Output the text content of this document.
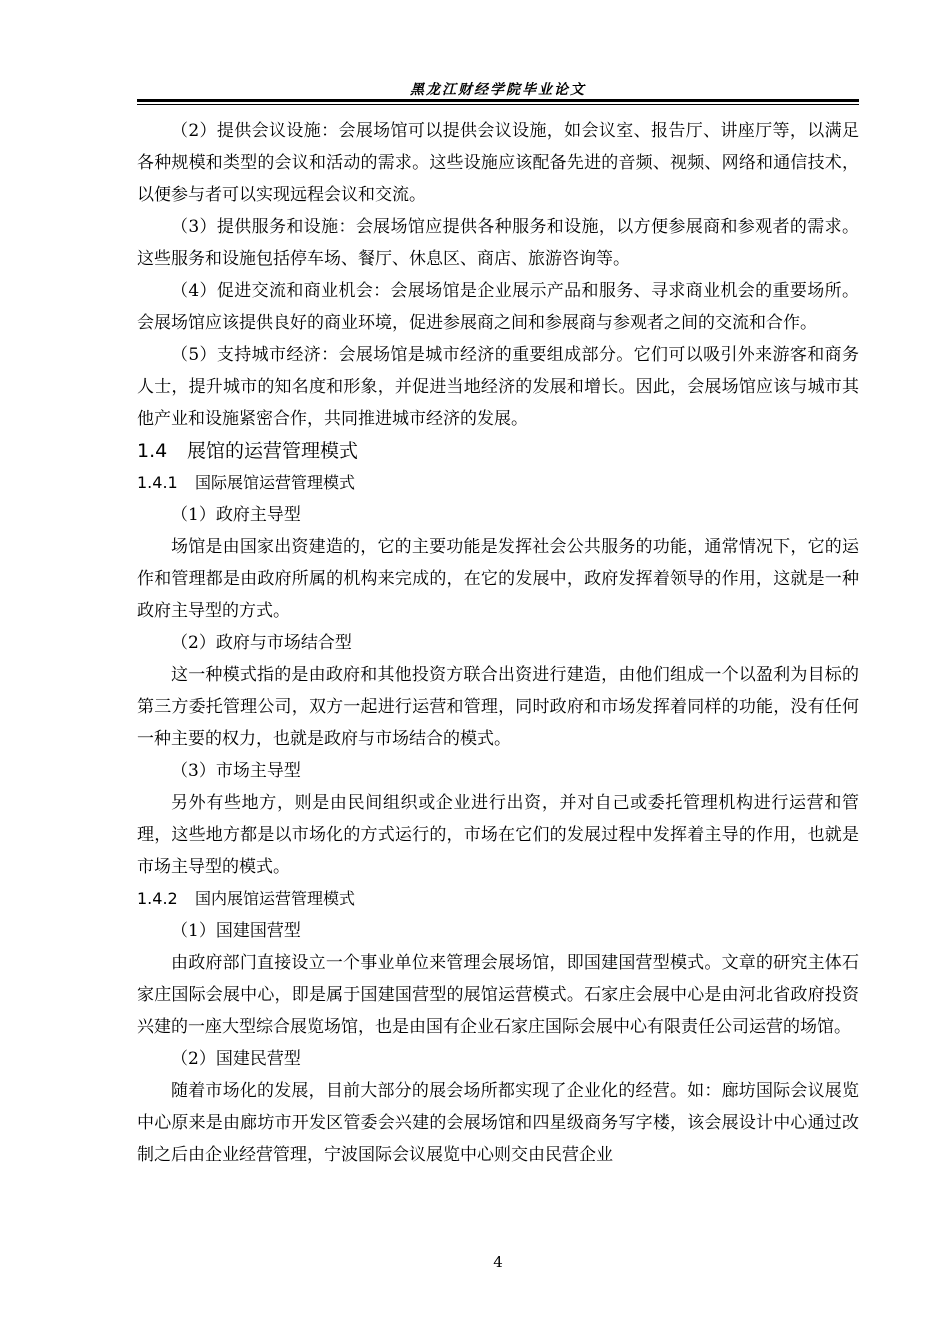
黑龙江财经学院毕业论文

（2）提供会议设施：会展场馆可以提供会议设施，如会议室、报告厅、讲座厅等，以满足各种规模和类型的会议和活动的需求。这些设施应该配备先进的音频、视频、网络和通信技术，以便参与者可以实现远程会议和交流。

（3）提供服务和设施：会展场馆应提供各种服务和设施，以方便参展商和参观者的需求。这些服务和设施包括停车场、餐厅、休息区、商店、旅游咨询等。

（4）促进交流和商业机会：会展场馆是企业展示产品和服务、寻求商业机会的重要场所。会展场馆应该提供良好的商业环境，促进参展商之间和参展商与参观者之间的交流和合作。

（5）支持城市经济：会展场馆是城市经济的重要组成部分。它们可以吸引外来游客和商务人士，提升城市的知名度和形象，并促进当地经济的发展和增长。因此，会展场馆应该与城市其他产业和设施紧密合作，共同推进城市经济的发展。

1.4 展馆的运营管理模式
1.4.1 国际展馆运营管理模式

（1）政府主导型

场馆是由国家出资建造的，它的主要功能是发挥社会公共服务的功能，通常情况下，它的运作和管理都是由政府所属的机构来完成的，在它的发展中，政府发挥着领导的作用，这就是一种政府主导型的方式。

（2）政府与市场结合型

这一种模式指的是由政府和其他投资方联合出资进行建造，由他们组成一个以盈利为目标的第三方委托管理公司，双方一起进行运营和管理，同时政府和市场发挥着同样的功能，没有任何一种主要的权力，也就是政府与市场结合的模式。

（3）市场主导型

另外有些地方，则是由民间组织或企业进行出资，并对自己或委托管理机构进行运营和管理，这些地方都是以市场化的方式运行的，市场在它们的发展过程中发挥着主导的作用，也就是市场主导型的模式。

1.4.2 国内展馆运营管理模式

（1）国建国营型

由政府部门直接设立一个事业单位来管理会展场馆，即国建国营型模式。文章的研究主体石家庄国际会展中心，即是属于国建国营型的展馆运营模式。石家庄会展中心是由河北省政府投资兴建的一座大型综合展览场馆，也是由国有企业石家庄国际会展中心有限责任公司运营的场馆。

（2）国建民营型

随着市场化的发展，目前大部分的展会场所都实现了企业化的经营。如：廊坊国际会议展览中心原来是由廊坊市开发区管委会兴建的会展场馆和四星级商务写字楼，该会展设计中心通过改制之后由企业经营管理，宁波国际会议展览中心则交由民营企业

4
